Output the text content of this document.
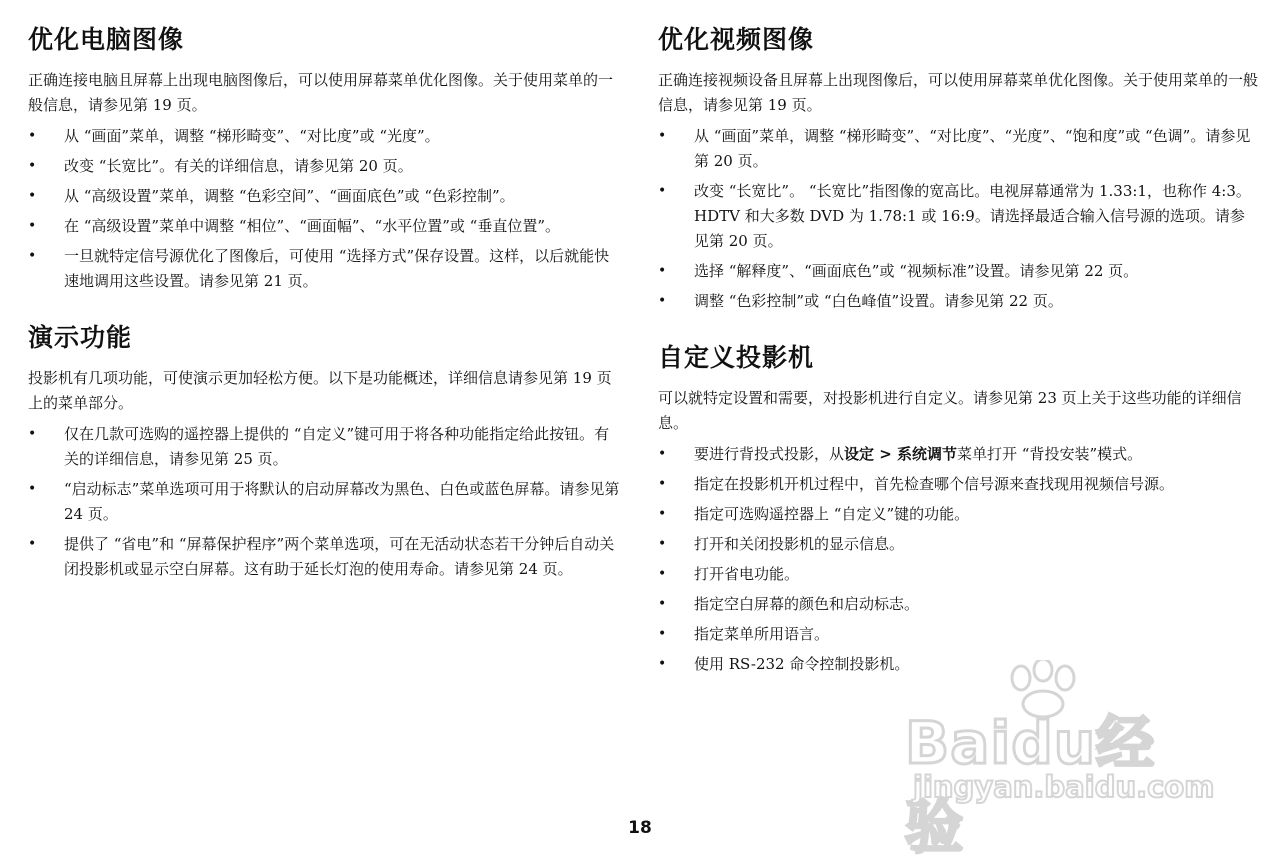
优化电脑图像

正确连接电脑且屏幕上出现电脑图像后，可以使用屏幕菜单优化图像。关于使用菜单的一般信息，请参见第 19 页。

• 从 “画面”菜单，调整 “梯形畸变”、“对比度”或 “光度”。
• 改变 “长宽比”。有关的详细信息，请参见第 20 页。
• 从 “高级设置”菜单，调整 “色彩空间”、“画面底色”或 “色彩控制”。
• 在 “高级设置”菜单中调整 “相位”、“画面幅”、“水平位置”或 “垂直位置”。
• 一旦就特定信号源优化了图像后，可使用 “选择方式”保存设置。这样，以后就能快速地调用这些设置。请参见第 21 页。
演示功能

投影机有几项功能，可使演示更加轻松方便。以下是功能概述，详细信息请参见第 19 页上的菜单部分。

• 仅在几款可选购的遥控器上提供的 “自定义”键可用于将各种功能指定给此按钮。有关的详细信息，请参见第 25 页。
• “启动标志”菜单选项可用于将默认的启动屏幕改为黑色、白色或蓝色屏幕。请参见第 24 页。
• 提供了 “省电”和 “屏幕保护程序”两个菜单选项，可在无活动状态若干分钟后自动关闭投影机或显示空白屏幕。这有助于延长灯泡的使用寿命。请参见第 24 页。
优化视频图像

正确连接视频设备且屏幕上出现图像后，可以使用屏幕菜单优化图像。关于使用菜单的一般信息，请参见第 19 页。

• 从 “画面”菜单，调整 “梯形畸变”、“对比度”、“光度”、“饱和度”或 “色调”。请参见第 20 页。
• 改变 “长宽比”。 “长宽比”指图像的宽高比。电视屏幕通常为 1.33:1，也称作 4:3。 HDTV 和大多数 DVD 为 1.78:1 或 16:9。请选择最适合输入信号源的选项。请参见第 20 页。
• 选择 “解释度”、“画面底色”或 “视频标准”设置。请参见第 22 页。
• 调整 “色彩控制”或 “白色峰值”设置。请参见第 22 页。
自定义投影机

可以就特定设置和需要，对投影机进行自定义。请参见第 23 页上关于这些功能的详细信息。

• 要进行背投式投影，从设定 > 系统调节菜单打开 “背投安装”模式。
• 指定在投影机开机过程中，首先检查哪个信号源来查找现用视频信号源。
• 指定可选购遥控器上 “自定义”键的功能。
• 打开和关闭投影机的显示信息。
• 打开省电功能。
• 指定空白屏幕的颜色和启动标志。
• 指定菜单所用语言。
• 使用 RS-232 命令控制投影机。
Baidu经验
jingyan.baidu.com
18
